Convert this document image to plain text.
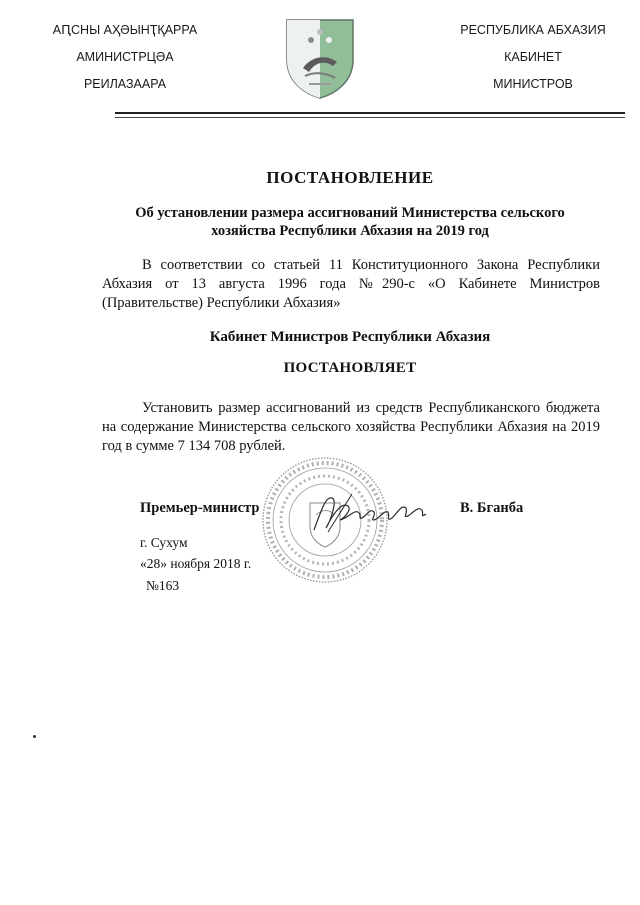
АԤСНЫ АҲӘЫНҬҚАРРА
АМИНИСТРЦӘА
РЕИЛАЗААРА
РЕСПУБЛИКА АБХАЗИЯ
КАБИНЕТ
МИНИСТРОВ
ПОСТАНОВЛЕНИЕ
Об установлении размера ассигнований Министерства сельского хозяйства Республики Абхазия на 2019 год
В соответствии со статьей 11 Конституционного Закона Республики Абхазия от 13 августа 1996 года №290-с «О Кабинете Министров (Правительстве) Республики Абхазия»
Кабинет Министров Республики Абхазия
ПОСТАНОВЛЯЕТ
Установить размер ассигнований из средств Республиканского бюджета на содержание Министерства сельского хозяйства Республики Абхазия на 2019 год в сумме 7 134 708 рублей.
Премьер-министр	В. Бганба
г. Сухум
«28» ноября 2018 г.
№163
